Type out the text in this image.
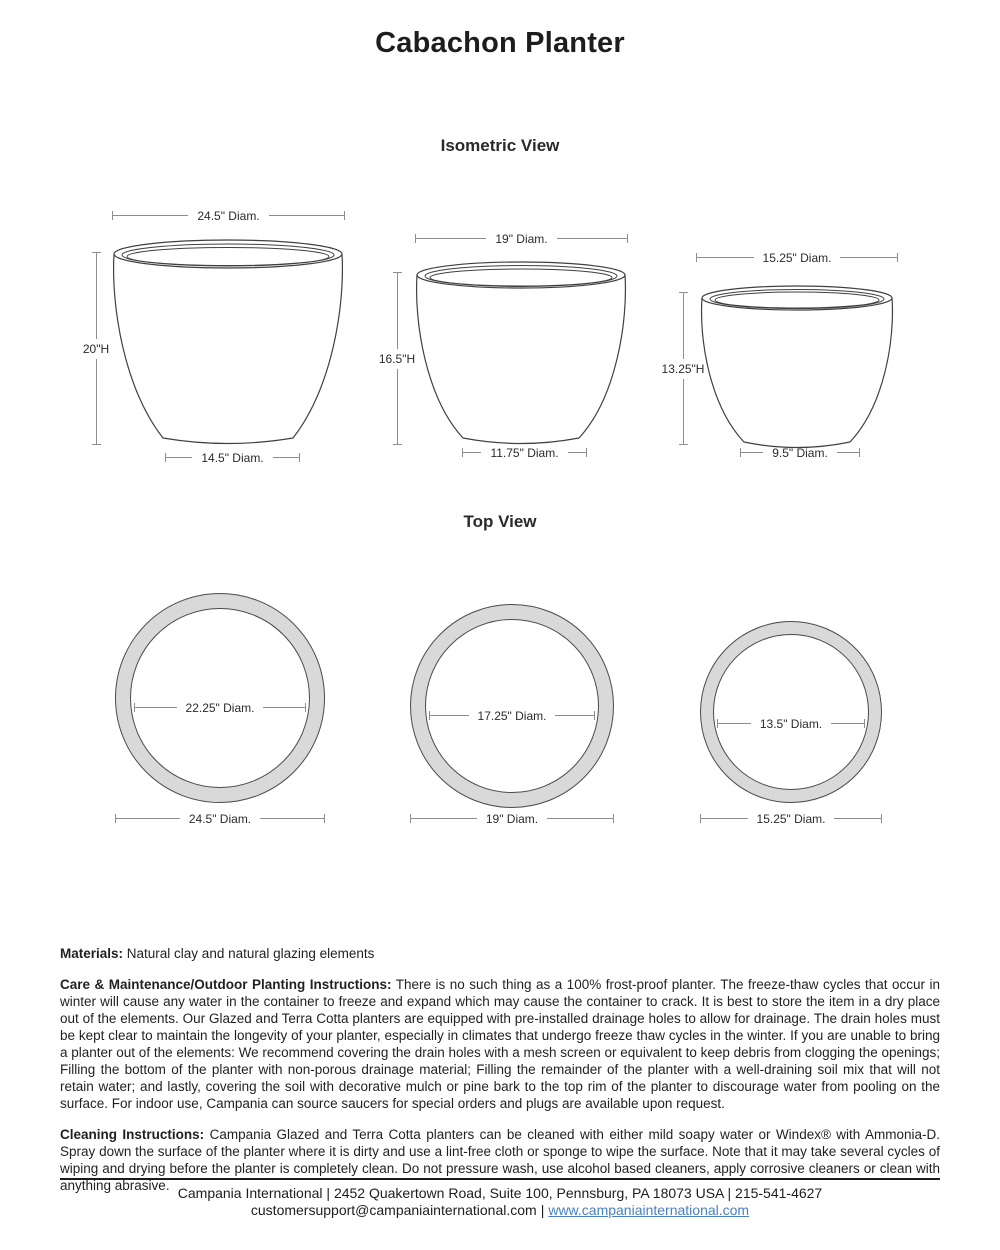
Cabachon Planter
Isometric View
24.5" Diam.
20"H
14.5" Diam.
19" Diam.
16.5"H
11.75" Diam.
15.25" Diam.
13.25"H
9.5" Diam.
Top View
22.25" Diam.
24.5" Diam.
17.25" Diam.
19" Diam.
13.5" Diam.
15.25" Diam.

Materials: Natural clay and natural glazing elements

Care & Maintenance/Outdoor Planting Instructions: There is no such thing as a 100% frost-proof planter. The freeze-thaw cycles that occur in winter will cause any water in the container to freeze and expand which may cause the container to crack. It is best to store the item in a dry place out of the elements. Our Glazed and Terra Cotta planters are equipped with pre-installed drainage holes to allow for drainage. The drain holes must be kept clear to maintain the longevity of your planter, especially in climates that undergo freeze thaw cycles in the winter. If you are unable to bring a planter out of the elements: We recommend covering the drain holes with a mesh screen or equivalent to keep debris from clogging the openings; Filling the bottom of the planter with non-porous drainage material; Filling the remainder of the planter with a well-draining soil mix that will not retain water; and lastly, covering the soil with decorative mulch or pine bark to the top rim of the planter to discourage water from pooling on the surface. For indoor use, Campania can source saucers for special orders and plugs are available upon request.

Cleaning Instructions: Campania Glazed and Terra Cotta planters can be cleaned with either mild soapy water or Windex® with Ammonia-D. Spray down the surface of the planter where it is dirty and use a lint-free cloth or sponge to wipe the surface. Note that it may take several cycles of wiping and drying before the planter is completely clean. Do not pressure wash, use alcohol based cleaners, apply corrosive cleaners or clean with anything abrasive. Campania International | 2452 Quakertown Road, Suite 100, Pennsburg, PA 18073 USA | 215-541-4627
customersupport@campaniainternational.com | www.campaniainternational.com
